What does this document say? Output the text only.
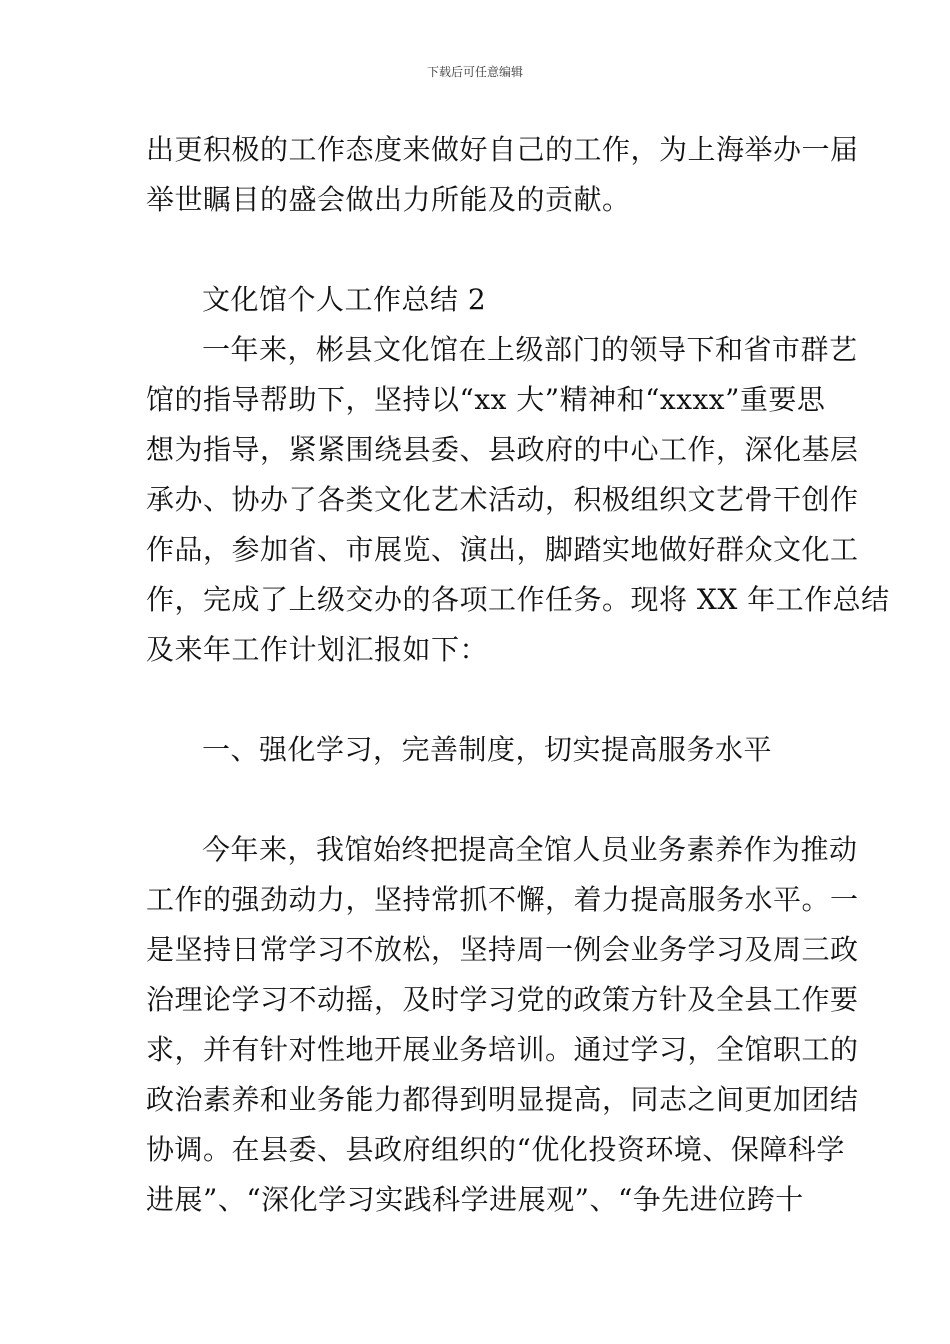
下载后可任意编辑
出更积极的工作态度来做好自己的工作，为上海举办一届
举世瞩目的盛会做出力所能及的贡献。
文化馆个人工作总结 2
一年来，彬县文化馆在上级部门的领导下和省市群艺
馆的指导帮助下，坚持以“xx 大”精神和“xxxx”重要思
想为指导，紧紧围绕县委、县政府的中心工作，深化基层
承办、协办了各类文化艺术活动，积极组织文艺骨干创作
作品，参加省、市展览、演出，脚踏实地做好群众文化工
作，完成了上级交办的各项工作任务。现将 XX 年工作总结
及来年工作计划汇报如下：
一、强化学习，完善制度，切实提高服务水平
今年来，我馆始终把提高全馆人员业务素养作为推动
工作的强劲动力，坚持常抓不懈，着力提高服务水平。一
是坚持日常学习不放松，坚持周一例会业务学习及周三政
治理论学习不动摇，及时学习党的政策方针及全县工作要
求，并有针对性地开展业务培训。通过学习，全馆职工的
政治素养和业务能力都得到明显提高，同志之间更加团结
协调。在县委、县政府组织的“优化投资环境、保障科学
进展”、“深化学习实践科学进展观”、“争先进位跨十
